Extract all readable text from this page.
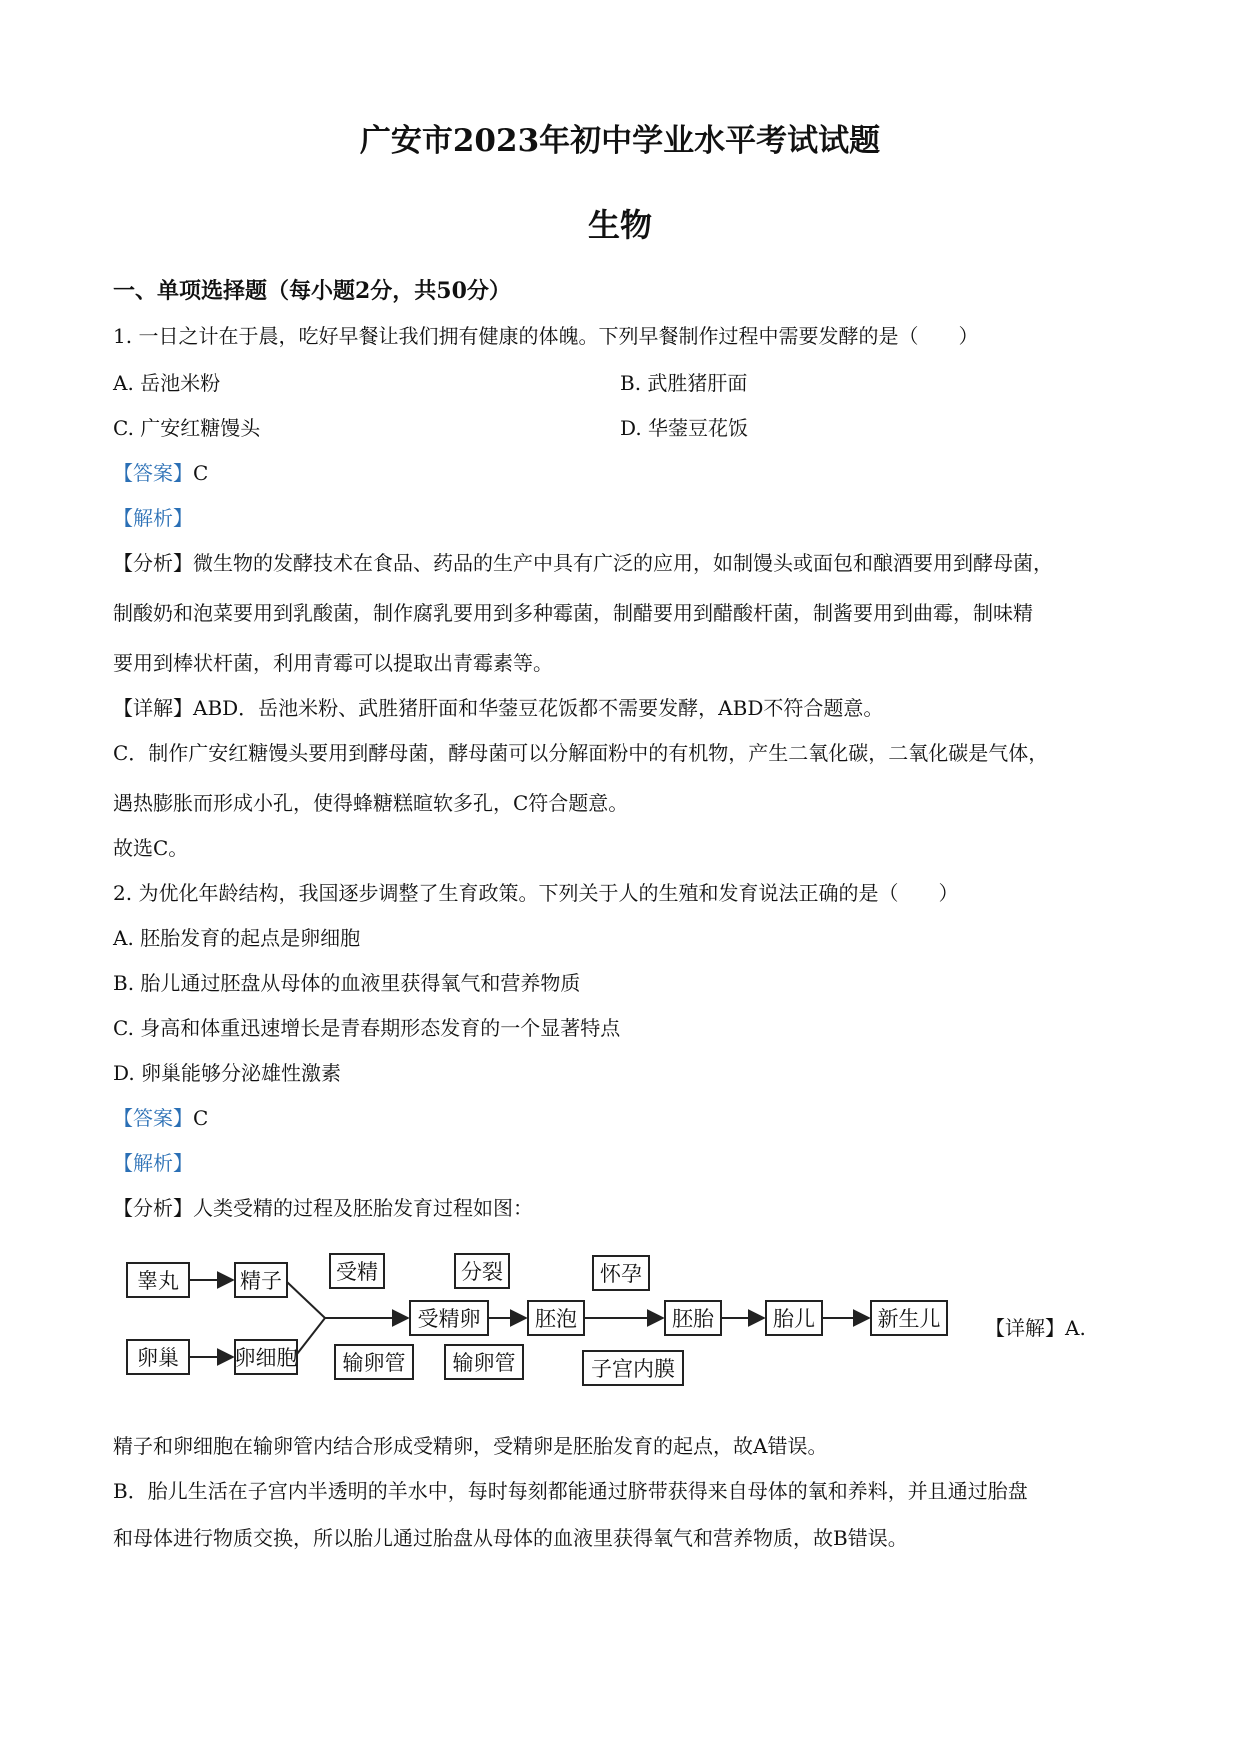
广安市2023年初中学业水平考试试题
生物
一、单项选择题（每小题2分，共50分）
1. 一日之计在于晨，吃好早餐让我们拥有健康的体魄。下列早餐制作过程中需要发酵的是（　　）
A. 岳池米粉	B. 武胜猪肝面
C. 广安红糖馒头	D. 华蓥豆花饭
【答案】C
【解析】
【分析】微生物的发酵技术在食品、药品的生产中具有广泛的应用，如制馒头或面包和酿酒要用到酵母菌，
制酸奶和泡菜要用到乳酸菌，制作腐乳要用到多种霉菌，制醋要用到醋酸杆菌，制酱要用到曲霉，制味精
要用到棒状杆菌，利用青霉可以提取出青霉素等。
【详解】ABD．岳池米粉、武胜猪肝面和华蓥豆花饭都不需要发酵，ABD不符合题意。
C．制作广安红糖馒头要用到酵母菌，酵母菌可以分解面粉中的有机物，产生二氧化碳，二氧化碳是气体，
遇热膨胀而形成小孔，使得蜂糖糕暄软多孔，C符合题意。
故选C。
2. 为优化年龄结构，我国逐步调整了生育政策。下列关于人的生殖和发育说法正确的是（　　）
A. 胚胎发育的起点是卵细胞
B. 胎儿通过胚盘从母体的血液里获得氧气和营养物质
C. 身高和体重迅速增长是青春期形态发育的一个显著特点
D. 卵巢能够分泌雄性激素
【答案】C
【解析】
【分析】人类受精的过程及胚胎发育过程如图：
睾丸	精子
卵巢	卵细胞
受精
受精卵
分裂
胚泡
怀孕
胚胎	胎儿	新生儿
输卵管 输卵管	子宫内膜
【详解】A.
精子和卵细胞在输卵管内结合形成受精卵，受精卵是胚胎发育的起点，故A错误。
B．胎儿生活在子宫内半透明的羊水中，每时每刻都能通过脐带获得来自母体的氧和养料，并且通过胎盘
和母体进行物质交换，所以胎儿通过胎盘从母体的血液里获得氧气和营养物质，故B错误。
